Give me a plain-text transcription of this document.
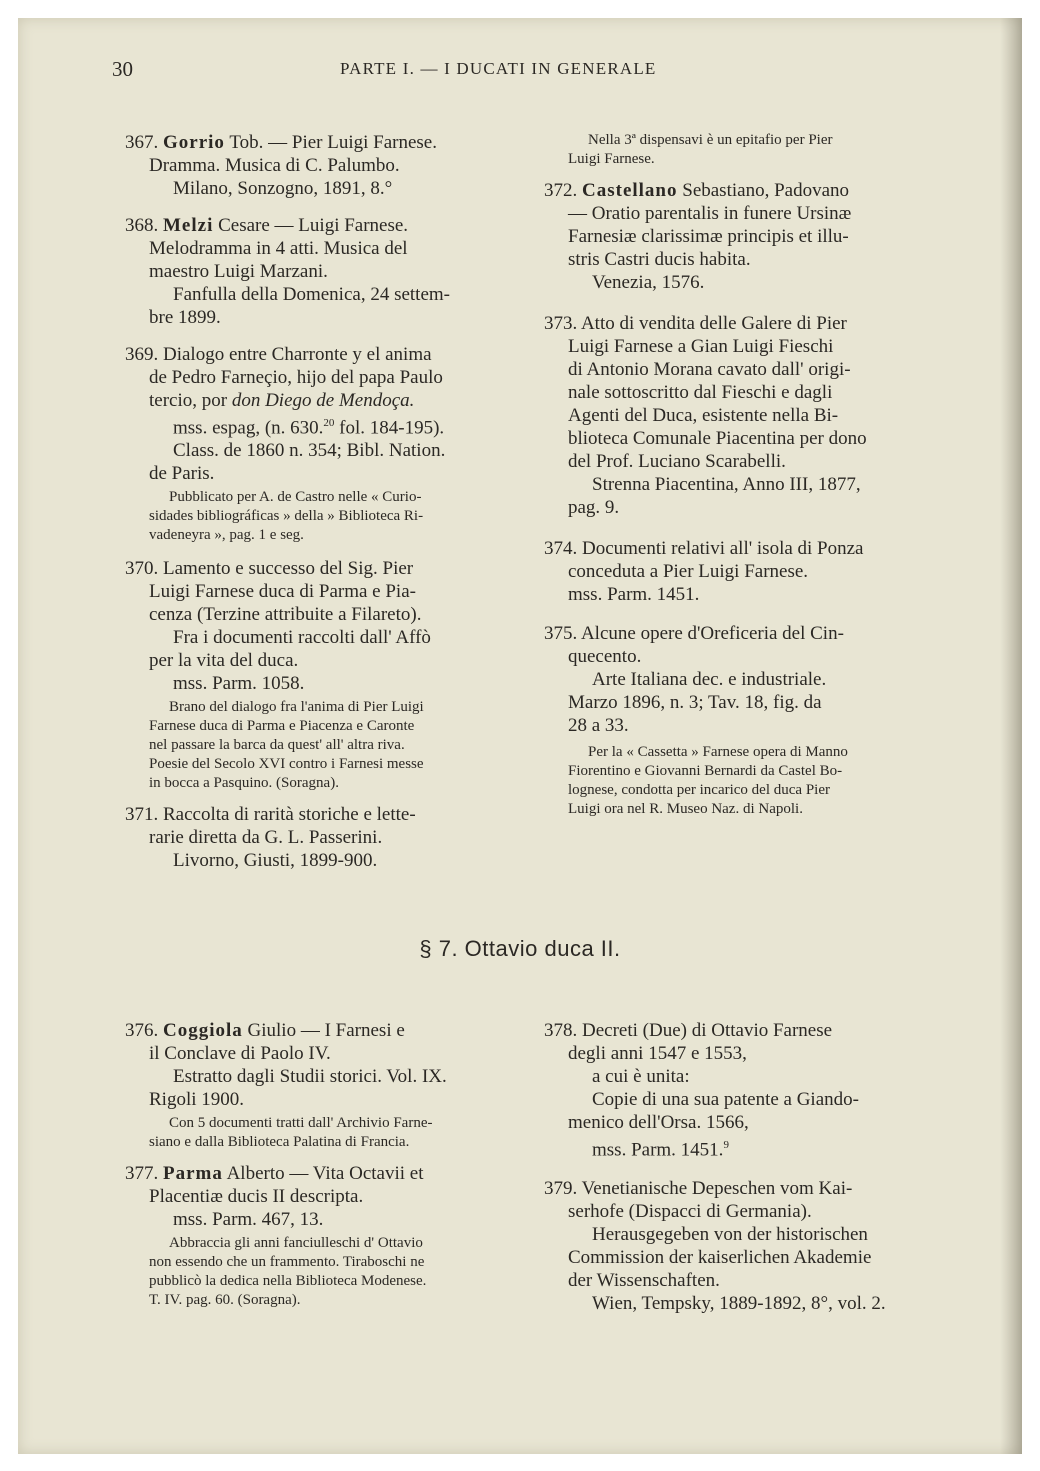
30	PARTE I. — I DUCATI IN GENERALE

367. Gorrio Tob. — Pier Luigi Farnese.

Dramma. Musica di C. Palumbo.

Milano, Sonzogno, 1891, 8.°

368. Melzi Cesare — Luigi Farnese.

Melodramma in 4 atti. Musica del

maestro Luigi Marzani.

Fanfulla della Domenica, 24 settem-

bre 1899.

369. Dialogo entre Charronte y el anima

de Pedro Farneçio, hijo del papa Paulo

tercio, por don Diego de Mendoça.

mss. espag, (n. 630.20 fol. 184-195).

Class. de 1860 n. 354; Bibl. Nation.

de Paris.

Pubblicato per A. de Castro nelle « Curio-

sidades bibliográficas » della » Biblioteca Ri-

vadeneyra », pag. 1 e seg.

370. Lamento e successo del Sig. Pier

Luigi Farnese duca di Parma e Pia-

cenza (Terzine attribuite a Filareto).

Fra i documenti raccolti dall' Affò

per la vita del duca.

mss. Parm. 1058.

Brano del dialogo fra l'anima di Pier Luigi

Farnese duca di Parma e Piacenza e Caronte

nel passare la barca da quest' all' altra riva.

Poesie del Secolo XVI contro i Farnesi messe

in bocca a Pasquino. (Soragna).

371. Raccolta di rarità storiche e lette-

rarie diretta da G. L. Passerini.

Livorno, Giusti, 1899-900.

Nella 3ª dispensavi è un epitafio per Pier

Luigi Farnese.

372. Castellano Sebastiano, Padovano

— Oratio parentalis in funere Ursinæ

Farnesiæ clarissimæ principis et illu-

stris Castri ducis habita.

Venezia, 1576.

373. Atto di vendita delle Galere di Pier

Luigi Farnese a Gian Luigi Fieschi

di Antonio Morana cavato dall' origi-

nale sottoscritto dal Fieschi e dagli

Agenti del Duca, esistente nella Bi-

blioteca Comunale Piacentina per dono

del Prof. Luciano Scarabelli.

Strenna Piacentina, Anno III, 1877,

pag. 9.

374. Documenti relativi all' isola di Ponza

conceduta a Pier Luigi Farnese.

mss. Parm. 1451.

375. Alcune opere d'Oreficeria del Cin-

quecento.

Arte Italiana dec. e industriale.

Marzo 1896, n. 3; Tav. 18, fig. da

28 a 33.

Per la « Cassetta » Farnese opera di Manno

Fiorentino e Giovanni Bernardi da Castel Bo-

lognese, condotta per incarico del duca Pier

Luigi ora nel R. Museo Naz. di Napoli.

§ 7. Ottavio duca II.

376. Coggiola Giulio — I Farnesi e

il Conclave di Paolo IV.

Estratto dagli Studii storici. Vol. IX.

Rigoli 1900.

Con 5 documenti tratti dall' Archivio Farne-

siano e dalla Biblioteca Palatina di Francia.

377. Parma Alberto — Vita Octavii et

Placentiæ ducis II descripta.

mss. Parm. 467, 13.

Abbraccia gli anni fanciulleschi d' Ottavio

non essendo che un frammento. Tiraboschi ne

pubblicò la dedica nella Biblioteca Modenese.

T. IV. pag. 60. (Soragna).

378. Decreti (Due) di Ottavio Farnese

degli anni 1547 e 1553,

a cui è unita:

Copie di una sua patente a Giando-

menico dell'Orsa. 1566,

mss. Parm. 1451.$^9$

379. Venetianische Depeschen vom Kai-

serhofe (Dispacci di Germania).

Herausgegeben von der historischen

Commission der kaiserlichen Akademie

der Wissenschaften.

Wien, Tempsky, 1889-1892, 8°, vol. 2.
